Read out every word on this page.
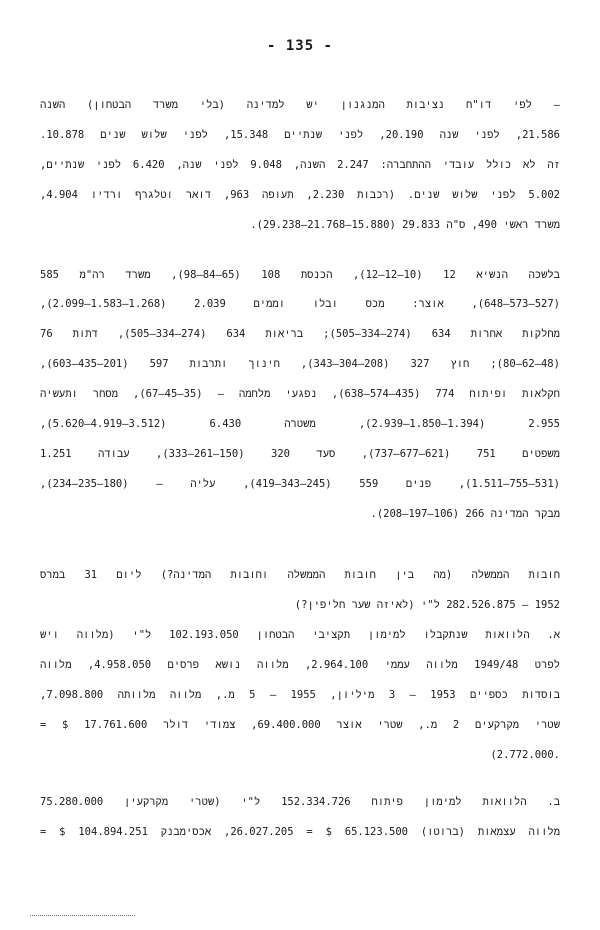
- 135 -
– לפי דו"ח נציבות המנגנון יש למדינה (בלי משרד הבטחון) השנה
21.586, לפני שנה 20.190, לפני שנתיים 15.348, לפני שלוש שנים 10.878.
זה לא כולל עובדי ההתחברה: 2.247 השנה, 9.048 לפני שנה, 6.420 לפני שנתיים,
5.002 לפני שלוש שנים. (רכבות 2.230, תעופה 963, דואר וטלגרף ורדיו 4.904,
משרד ראשי 490, ס"ה 29.833 (15.880–21.768–29.238).
בלשכה הנשיא 12 (10–12–12), הכנסת 108 (65–84–98), משרד רה"מ 585
(527–573–648), אוצר: מכס ובלו וממים 2.039 (1.268–1.583–2.099),
מחלקות אחרות 634 (274–334–505); בריאות 634 (274–334–505), דתות 76
(48–62–80); חוץ 327 (208–304–343), חינוך ותרבות 597 (201–435–603),
חקלאות ופיתוח 774 (435–574–638), נפגעי מלחמה – (35–45–67), מסחר ותעשיה
2.955 (1.394–1.850–2.939), משטרה 6.430 (3.512–4.919–5.620),
משפטים 751 (621–677–737), סעד 320 (150–261–333), עבודה 1.251
(531–755–1.511), פנים 559 (245–343–419), עליה – (180–235–234),
מבקר המדינה 266 (106–197–208).
חובות הממשלה (מה בין חובות הממשלה וחובות המדינה?) ליום 31 במרס
1952 – 282.526.875 ל"י (לאיזה שער חליפין?)
א. הלוואות שנתקבלו למימון תקציבי הבטחון 102.193.050 ל"י (מלווה ויש
לפרט 1949/48 מלווה עממי 2.964.100, מלווה נושא פרסים 4.958.050, מלווה
בוסדות כספיים 1953 – 3 מיליון, 1955 – 5 מ., מלווה מלוותה 7.098.800,
שטרי מקרקעים 2 מ., שטרי אוצר 69.400.000, צמודי דולר 17.761.600 $ =
(2.772.000.
ב. הלוואות למימון פיתוח 152.334.726 ל"י (שטרי מקרקעין 75.280.000
מלווה עצמאות (ברוטו) 65.123.500 $ = 26.027.205, אכסימבנק 104.894.251 $ =
